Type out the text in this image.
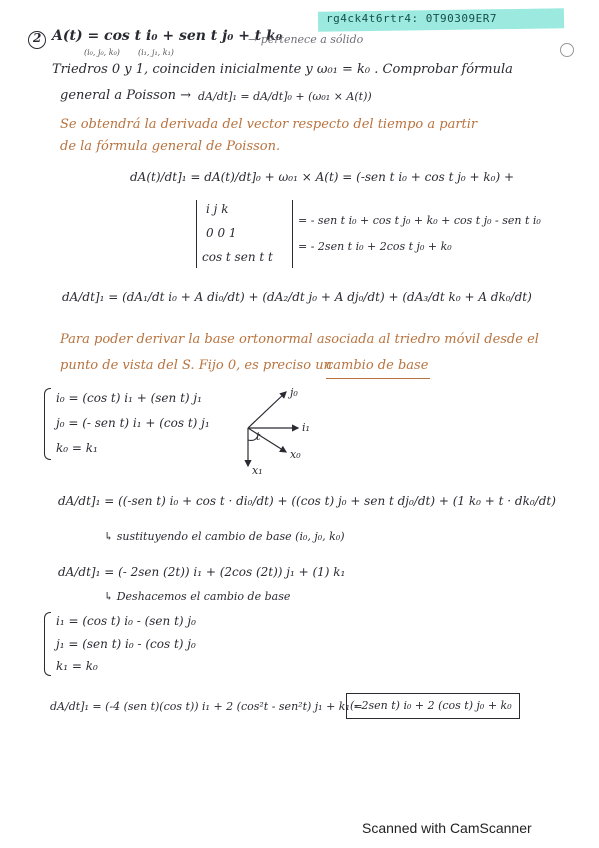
rg4ck4t6rtr4: 0T90309ER7
2 A(t) = cos t i₀ + sen t j₀ + t k₀
→ pertenece a sólido
(i₀, j₀, k₀) (i₁, j₁, k₁)
Triedros 0 y 1, coinciden inicialmente y ω₀₁ = k₀ . Comprobar fórmula
general a Poisson → dA/dt]₁ = dA/dt]₀ + (ω₀₁ × A(t))
Se obtendrá la derivada del vector respecto del tiempo a partir
de la fórmula general de Poisson.
dA(t)/dt]₁ = dA(t)/dt]₀ + ω₀₁ × A(t) = (-sen t i₀ + cos t j₀ + k₀) +
i j k
0 0 1
cos t sen t t
= - sen t i₀ + cos t j₀ + k₀ + cos t j₀ - sen t i₀
= - 2sen t i₀ + 2cos t j₀ + k₀
dA/dt]₁ = (dA₁/dt i₀ + A di₀/dt) + (dA₂/dt j₀ + A dj₀/dt) + (dA₃/dt k₀ + A dk₀/dt)
Para poder derivar la base ortonormal asociada al triedro móvil desde el
punto de vista del S. Fijo 0, es preciso un
cambio de base
i₀ = (cos t) i₁ + (sen t) j₁
j₀ = (- sen t) i₁ + (cos t) j₁
k₀ = k₁
j₀
i₁
x₀
x₁
t
dA/dt]₁ = ((-sen t) i₀ + cos t · di₀/dt) + ((cos t) j₀ + sen t dj₀/dt) + (1 k₀ + t · dk₀/dt)
↳ sustituyendo el cambio de base (i₀, j₀, k₀)
dA/dt]₁ = (- 2sen (2t)) i₁ + (2cos (2t)) j₁ + (1) k₁
↳ Deshacemos el cambio de base
i₁ = (cos t) i₀ - (sen t) j₀
j₁ = (sen t) i₀ - (cos t) j₀
k₁ = k₀
dA/dt]₁ = (-4 (sen t)(cos t)) i₁ + 2 (cos²t - sen²t) j₁ + k₁ =
(- 2sen t) i₀ + 2 (cos t) j₀ + k₀
Scanned with CamScanner
